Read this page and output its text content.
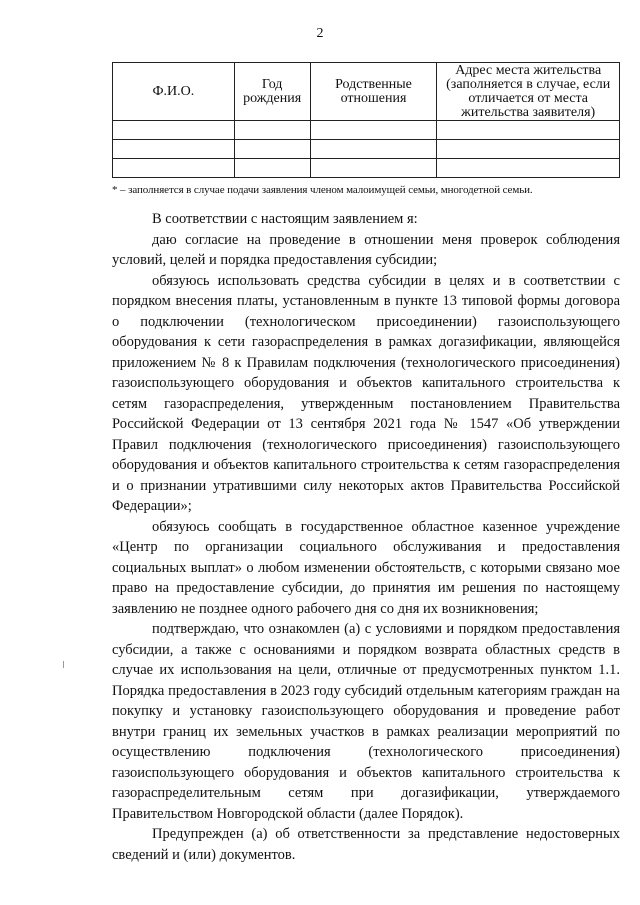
2
Ф.И.О.	Год рождения	Родственные отношения	Адрес места жительства (заполняется в случае, если отличается от места жительства заявителя)

* – заполняется в случае подачи заявления членом малоимущей семьи, многодетной семьи.

В соответствии с настоящим заявлением я:

даю согласие на проведение в отношении меня проверок соблюдения условий, целей и порядка предоставления субсидии;

обязуюсь использовать средства субсидии в целях и в соответствии с порядком внесения платы, установленным в пункте 13 типовой формы договора о подключении (технологическом присоединении) газоиспользующего оборудования к сети газораспределения в рамках догазификации, являющейся приложением № 8 к Правилам подключения (технологического присоединения) газоиспользующего оборудования и объектов капитального строительства к сетям газораспределения, утвержденным постановлением Правительства Российской Федерации от 13 сентября 2021 года № 1547 «Об утверждении Правил подключения (технологического присоединения) газоиспользующего оборудования и объектов капитального строительства к сетям газораспределения и о признании утратившими силу некоторых актов Правительства Российской Федерации»;

обязуюсь сообщать в государственное областное казенное учреждение «Центр по организации социального обслуживания и предоставления социальных выплат» о любом изменении обстоятельств, с которыми связано мое право на предоставление субсидии, до принятия им решения по настоящему заявлению не позднее одного рабочего дня со дня их возникновения;

подтверждаю, что ознакомлен (а) с условиями и порядком предоставления субсидии, а также с основаниями и порядком возврата областных средств в случае их использования на цели, отличные от предусмотренных пунктом 1.1. Порядка предоставления в 2023 году субсидий отдельным категориям граждан на покупку и установку газоиспользующего оборудования и проведение работ внутри границ их земельных участков в рамках реализации мероприятий по осуществлению подключения (технологического присоединения) газоиспользующего оборудования и объектов капитального строительства к газораспределительным сетям при догазификации, утверждаемого Правительством Новгородской области (далее Порядок).

Предупрежден (а) об ответственности за представление недостоверных сведений и (или) документов.
